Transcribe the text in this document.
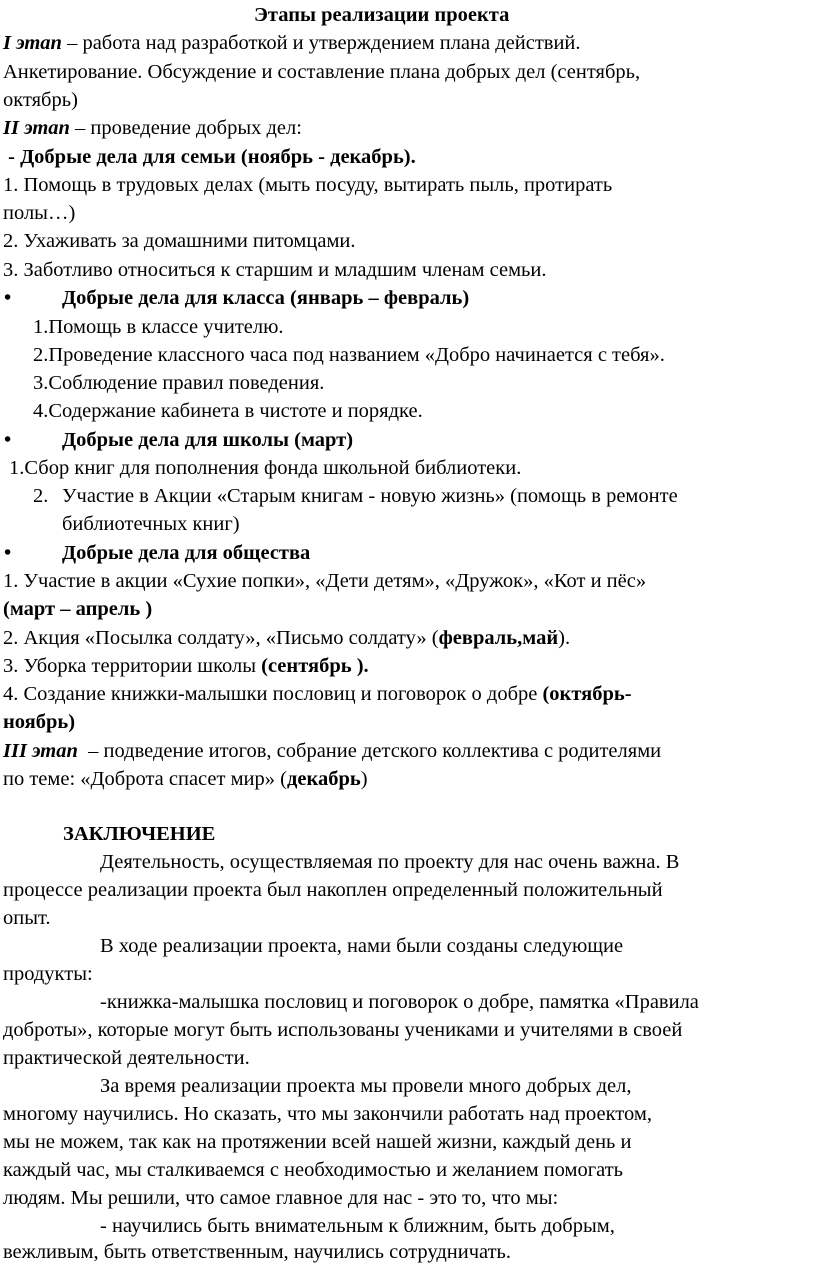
Этапы реализации проекта
I этап – работа над разработкой и утверждением плана действий.
Анкетирование. Обсуждение и составление плана добрых дел (сентябрь,
октябрь)
II этап – проведение добрых дел:
- Добрые дела для семьи (ноябрь - декабрь).
1. Помощь в трудовых делах (мыть посуду, вытирать пыль, протирать
полы…)
2. Ухаживать за домашними питомцами.
3. Заботливо относиться к старшим и младшим членам семьи.
• Добрые дела для класса (январь – февраль)
1.Помощь в классе учителю.
2.Проведение классного часа под названием «Добро начинается с тебя».
3.Соблюдение правил поведения.
4.Содержание кабинета в чистоте и порядке.
• Добрые дела для школы (март)
1.Сбор книг для пополнения фонда школьной библиотеки.
2. Участие в Акции «Старым книгам - новую жизнь» (помощь в ремонте
библиотечных книг)
• Добрые дела для общества
1. Участие в акции «Сухие попки», «Дети детям», «Дружок», «Кот и пёс»
(март – апрель )
2. Акция «Посылка солдату», «Письмо солдату» (февраль,май).
3. Уборка территории школы (сентябрь ).
4. Создание книжки-малышки пословиц и поговорок о добре (октябрь-
ноябрь)
III этап  – подведение итогов, собрание детского коллектива с родителями
по теме: «Доброта спасет мир» (декабрь)
ЗАКЛЮЧЕНИЕ
Деятельность, осуществляемая по проекту для нас очень важна. В
процессе реализации проекта был накоплен определенный положительный
опыт.
В ходе реализации проекта, нами были созданы следующие
продукты:
-книжка-малышка пословиц и поговорок о добре, памятка «Правила
доброты», которые могут быть использованы учениками и учителями в своей
практической деятельности.
За время реализации проекта мы провели много добрых дел,
многому научились. Но сказать, что мы закончили работать над проектом,
мы не можем, так как на протяжении всей нашей жизни, каждый день и
каждый час, мы сталкиваемся с необходимостью и желанием помогать
людям. Мы решили, что самое главное для нас - это то, что мы:
- научились быть внимательным к ближним, быть добрым,
вежливым, быть ответственным, научились сотрудничать.
